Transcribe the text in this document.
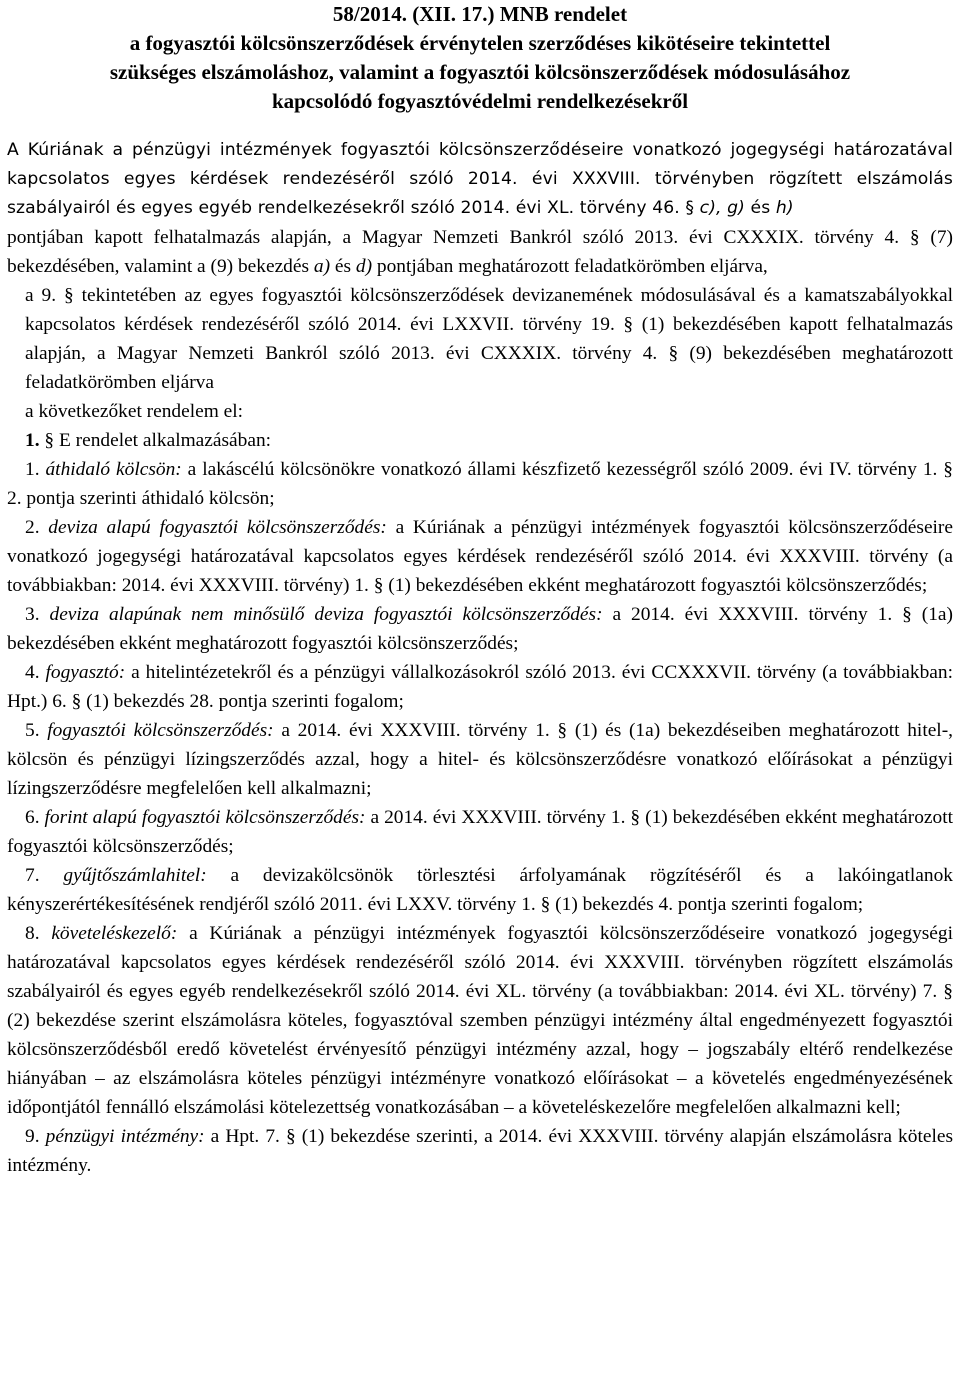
58/2014. (XII. 17.) MNB rendelet
a fogyasztói kölcsönszerződések érvénytelen szerződéses kikötéseire tekintettel
szükséges elszámoláshoz, valamint a fogyasztói kölcsönszerződések módosulásához
kapcsolódó fogyasztóvédelmi rendelkezésekről
A Kúriának a pénzügyi intézmények fogyasztói kölcsönszerződéseire vonatkozó jogegységi határozatával kapcsolatos egyes kérdések rendezéséről szóló 2014. évi XXXVIII. törvényben rögzített elszámolás szabályairól és egyes egyéb rendelkezésekről szóló 2014. évi XL. törvény 46. § c), g) és h)

pontjában kapott felhatalmazás alapján, a Magyar Nemzeti Bankról szóló 2013. évi CXXXIX. törvény 4. § (7) bekezdésében, valamint a (9) bekezdés a) és d) pontjában meghatározott feladatkörömben eljárva,

a 9. § tekintetében az egyes fogyasztói kölcsönszerződések devizanemének módosulásával és a kamatszabályokkal kapcsolatos kérdések rendezéséről szóló 2014. évi LXXVII. törvény 19. § (1) bekezdésében kapott felhatalmazás alapján, a Magyar Nemzeti Bankról szóló 2013. évi CXXXIX. törvény 4. § (9) bekezdésében meghatározott feladatkörömben eljárva

a következőket rendelem el:

1. § E rendelet alkalmazásában:

1. áthidaló kölcsön: a lakáscélú kölcsönökre vonatkozó állami készfizető kezességről szóló 2009. évi IV. törvény 1. § 2. pontja szerinti áthidaló kölcsön;

2. deviza alapú fogyasztói kölcsönszerződés: a Kúriának a pénzügyi intézmények fogyasztói kölcsönszerződéseire vonatkozó jogegységi határozatával kapcsolatos egyes kérdések rendezéséről szóló 2014. évi XXXVIII. törvény (a továbbiakban: 2014. évi XXXVIII. törvény) 1. § (1) bekezdésében ekként meghatározott fogyasztói kölcsönszerződés;

3. deviza alapúnak nem minősülő deviza fogyasztói kölcsönszerződés: a 2014. évi XXXVIII. törvény 1. § (1a) bekezdésében ekként meghatározott fogyasztói kölcsönszerződés;

4. fogyasztó: a hitelintézetekről és a pénzügyi vállalkozásokról szóló 2013. évi CCXXXVII. törvény (a továbbiakban: Hpt.) 6. § (1) bekezdés 28. pontja szerinti fogalom;

5. fogyasztói kölcsönszerződés: a 2014. évi XXXVIII. törvény 1. § (1) és (1a) bekezdéseiben meghatározott hitel-, kölcsön és pénzügyi lízingszerződés azzal, hogy a hitel- és kölcsönszerződésre vonatkozó előírásokat a pénzügyi lízingszerződésre megfelelően kell alkalmazni;

6. forint alapú fogyasztói kölcsönszerződés: a 2014. évi XXXVIII. törvény 1. § (1) bekezdésében ekként meghatározott fogyasztói kölcsönszerződés;

7. gyűjtőszámlahitel: a devizakölcsönök törlesztési árfolyamának rögzítéséről és a lakóingatlanok kényszerértékesítésének rendjéről szóló 2011. évi LXXV. törvény 1. § (1) bekezdés 4. pontja szerinti fogalom;

8. követeléskezelő: a Kúriának a pénzügyi intézmények fogyasztói kölcsönszerződéseire vonatkozó jogegységi határozatával kapcsolatos egyes kérdések rendezéséről szóló 2014. évi XXXVIII. törvényben rögzített elszámolás szabályairól és egyes egyéb rendelkezésekről szóló 2014. évi XL. törvény (a továbbiakban: 2014. évi XL. törvény) 7. § (2) bekezdése szerint elszámolásra köteles, fogyasztóval szemben pénzügyi intézmény által engedményezett fogyasztói kölcsönszerződésből eredő követelést érvényesítő pénzügyi intézmény azzal, hogy – jogszabály eltérő rendelkezése hiányában – az elszámolásra köteles pénzügyi intézményre vonatkozó előírásokat – a követelés engedményezésének időpontjától fennálló elszámolási kötelezettség vonatkozásában – a követeléskezelőre megfelelően alkalmazni kell;

9. pénzügyi intézmény: a Hpt. 7. § (1) bekezdése szerinti, a 2014. évi XXXVIII. törvény alapján elszámolásra köteles intézmény.
